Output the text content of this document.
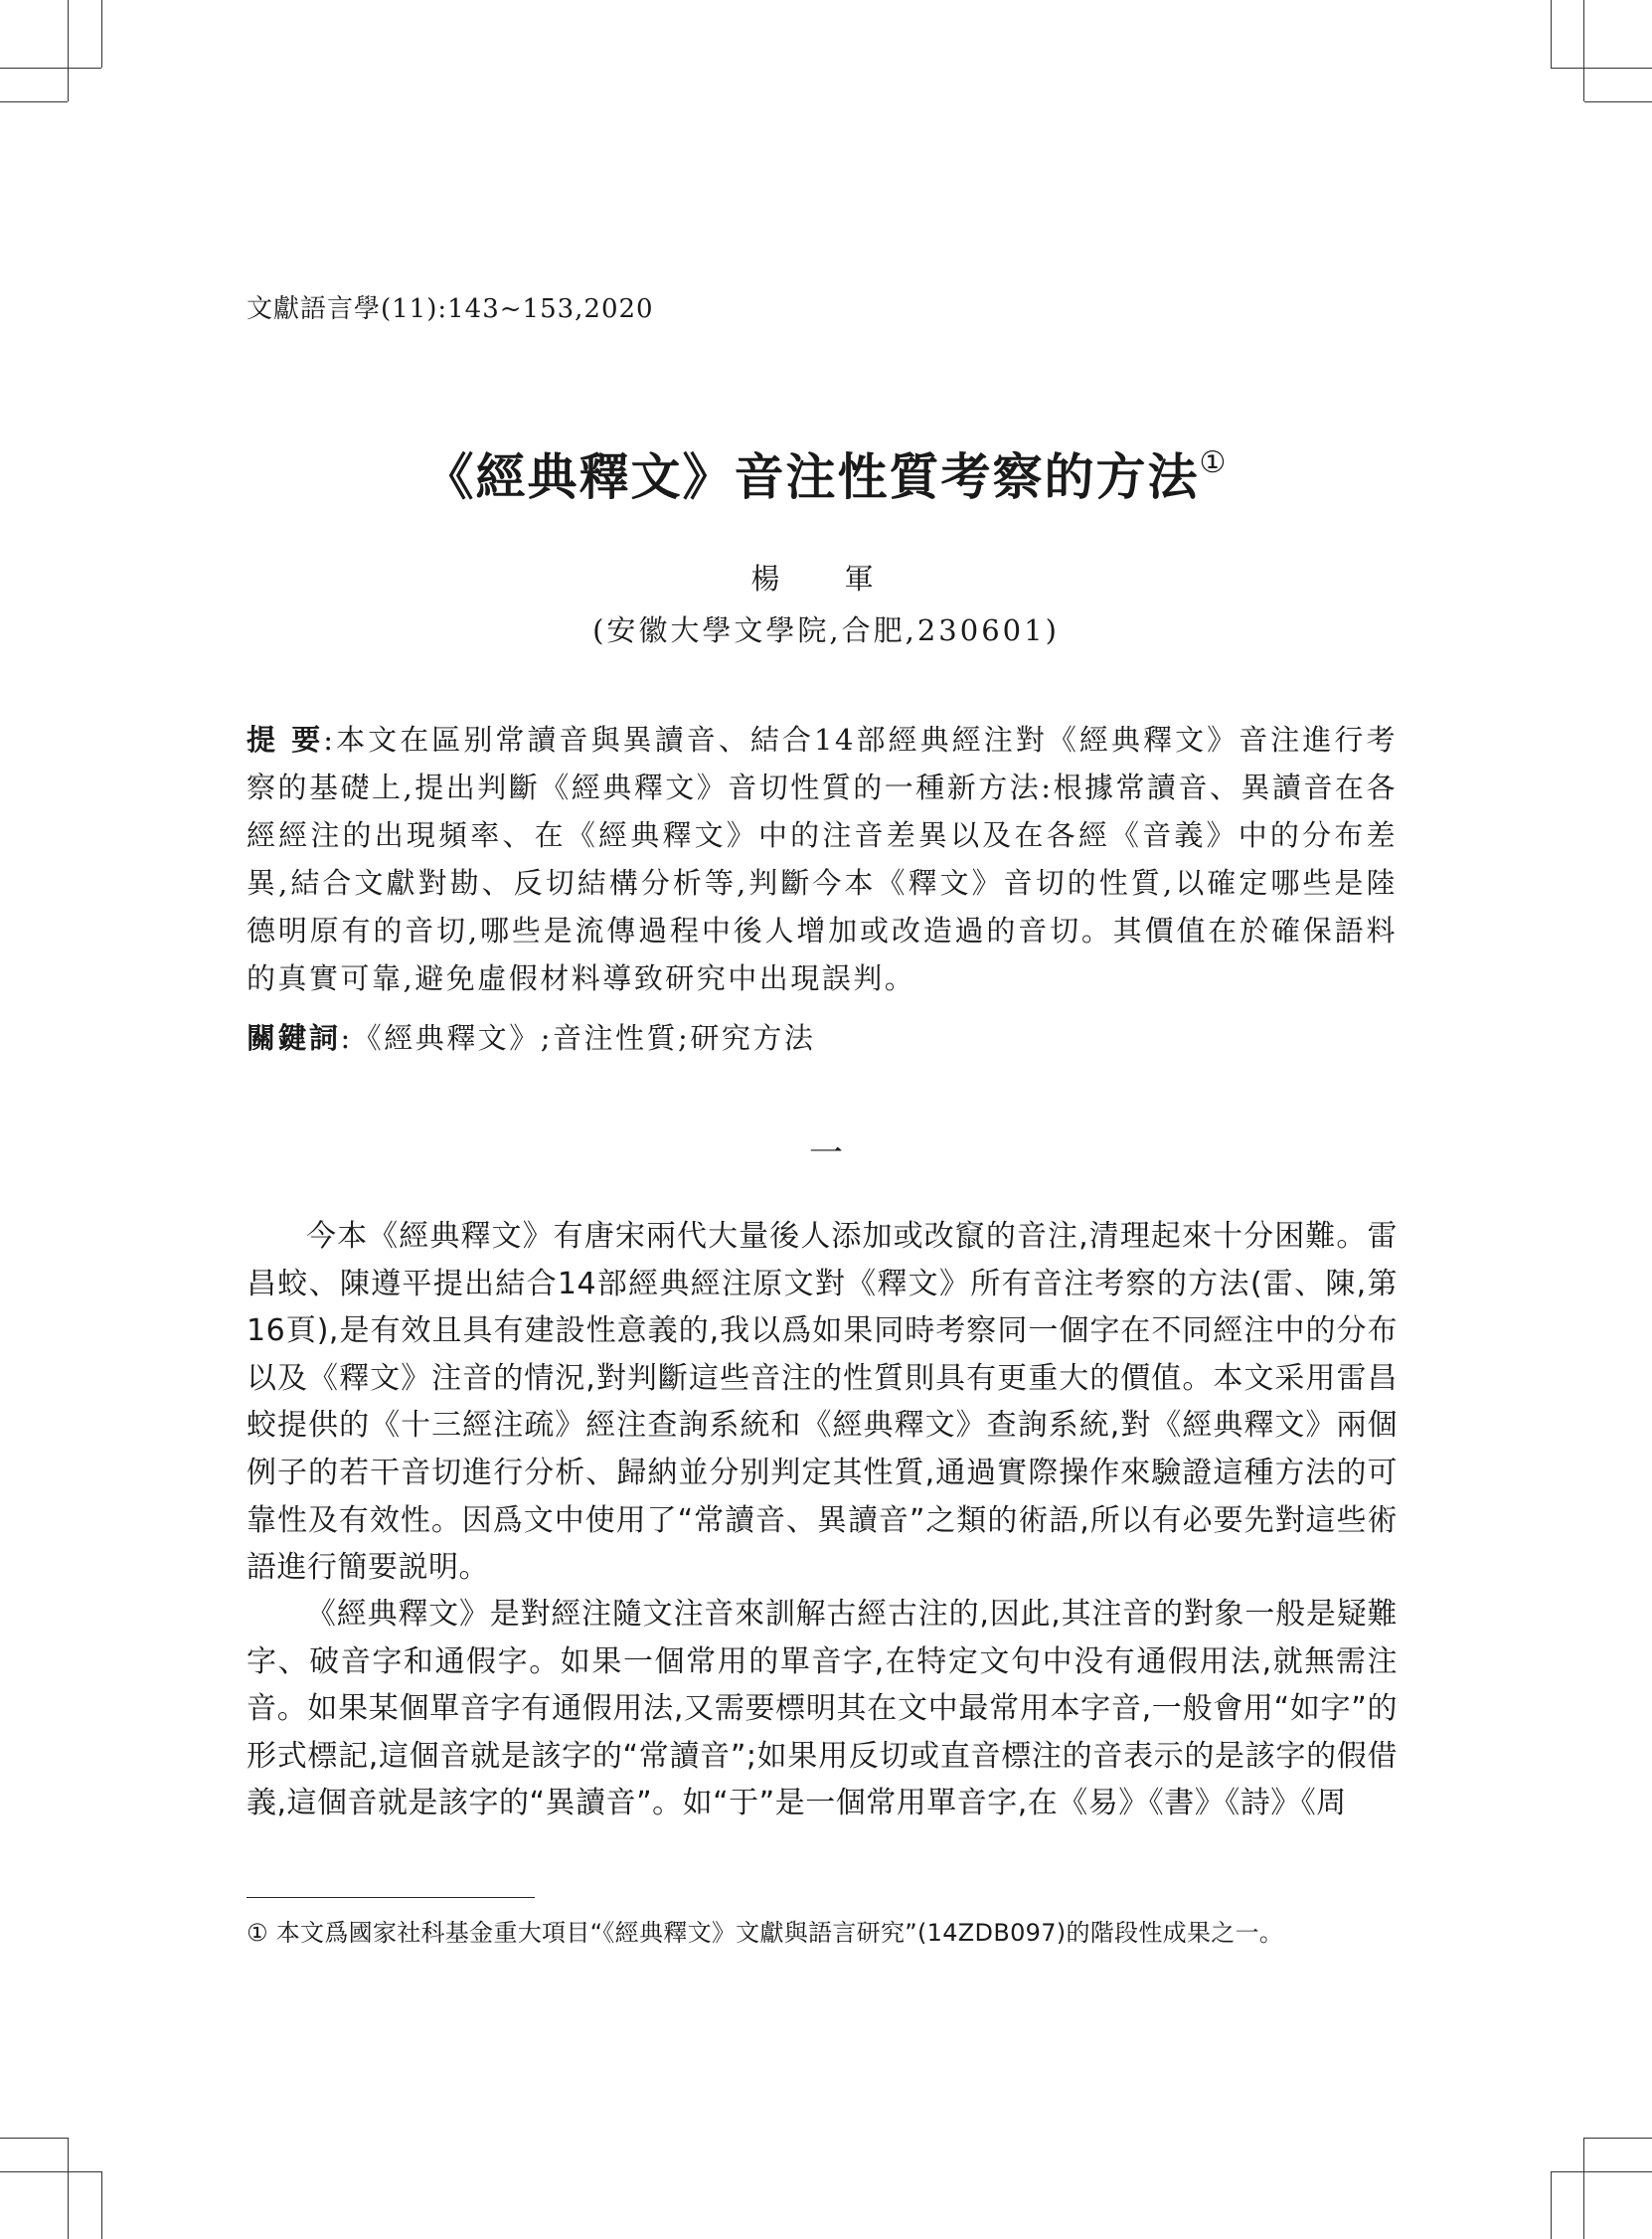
文獻語言學(11):143~153,2020
《經典釋文》音注性質考察的方法①
楊 軍
(安徽大學文學院,合肥,230601)
提 要:本文在區别常讀音與異讀音、結合14部經典經注對《經典釋文》音注進行考察的基礎上,提出判斷《經典釋文》音切性質的一種新方法:根據常讀音、異讀音在各經經注的出現頻率、在《經典釋文》中的注音差異以及在各經《音義》中的分布差異,結合文獻對勘、反切結構分析等,判斷今本《釋文》音切的性質,以確定哪些是陸德明原有的音切,哪些是流傳過程中後人增加或改造過的音切。其價值在於確保語料的真實可靠,避免虛假材料導致研究中出現誤判。
關鍵詞:《經典釋文》;音注性質;研究方法
一
今本《經典釋文》有唐宋兩代大量後人添加或改竄的音注,清理起來十分困難。雷昌蛟、陳遵平提出結合14部經典經注原文對《釋文》所有音注考察的方法(雷、陳,第16頁),是有效且具有建設性意義的,我以爲如果同時考察同一個字在不同經注中的分布以及《釋文》注音的情況,對判斷這些音注的性質則具有更重大的價值。本文采用雷昌蛟提供的《十三經注疏》經注查詢系統和《經典釋文》查詢系統,對《經典釋文》兩個例子的若干音切進行分析、歸納並分别判定其性質,通過實際操作來驗證這種方法的可靠性及有效性。因爲文中使用了“常讀音、異讀音”之類的術語,所以有必要先對這些術語進行簡要説明。
《經典釋文》是對經注隨文注音來訓解古經古注的,因此,其注音的對象一般是疑難字、破音字和通假字。如果一個常用的單音字,在特定文句中没有通假用法,就無需注音。如果某個單音字有通假用法,又需要標明其在文中最常用本字音,一般會用“如字”的形式標記,這個音就是該字的“常讀音”;如果用反切或直音標注的音表示的是該字的假借義,這個音就是該字的“異讀音”。如“于”是一個常用單音字,在《易》《書》《詩》《周
① 本文爲國家社科基金重大項目“《經典釋文》文獻與語言研究”(14ZDB097)的階段性成果之一。
